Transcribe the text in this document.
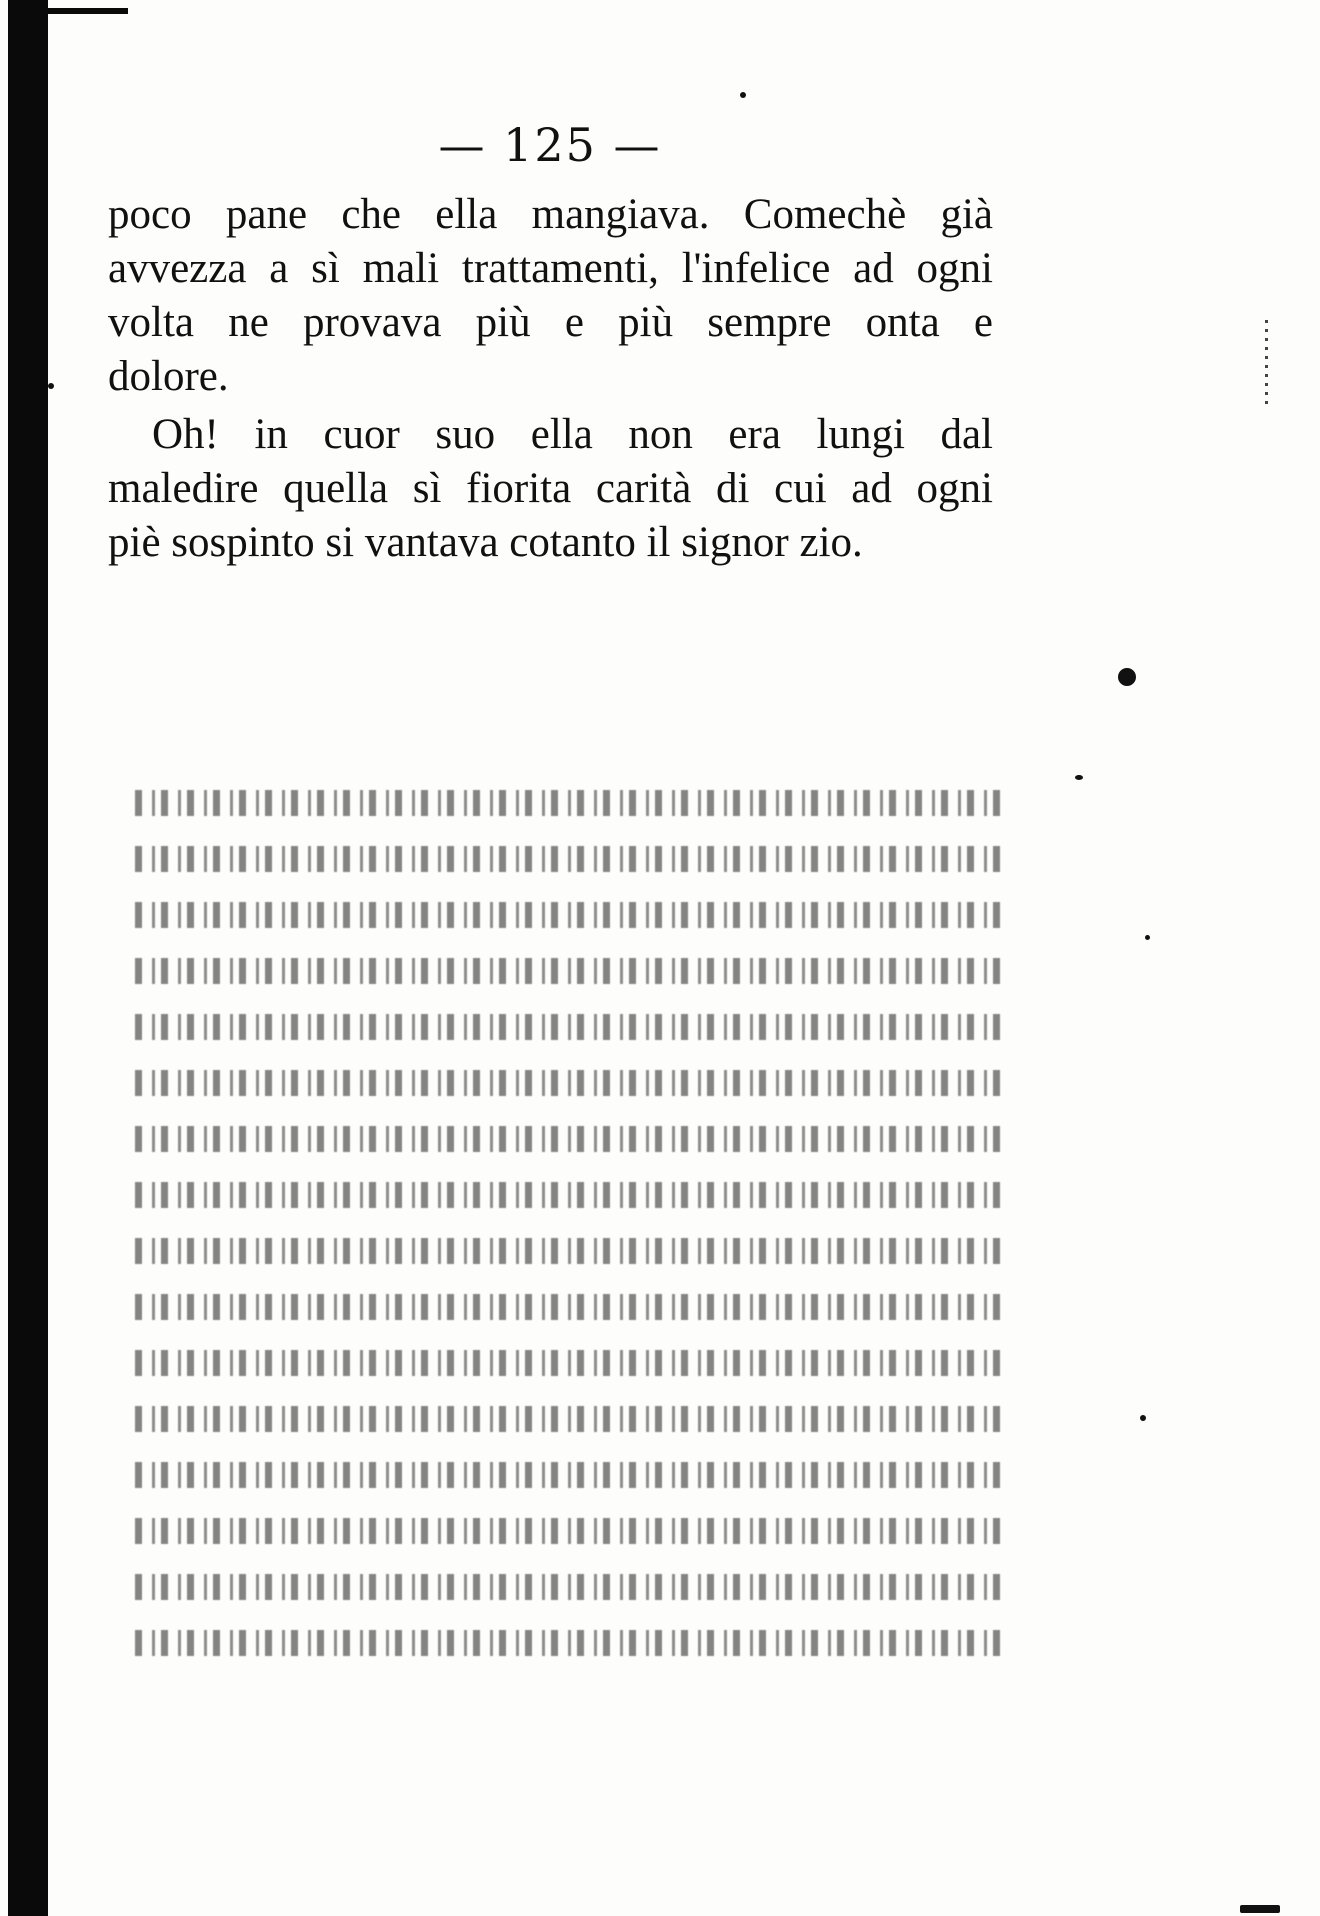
— 125 —
poco pane che ella mangiava. Comechè già
avvezza a sì mali trattamenti, l'infelice ad ogni
volta ne provava più e più sempre onta e
dolore.
Oh! in cuor suo ella non era lungi dal
maledire quella sì fiorita carità di cui ad ogni
piè sospinto si vantava cotanto il signor zio.
